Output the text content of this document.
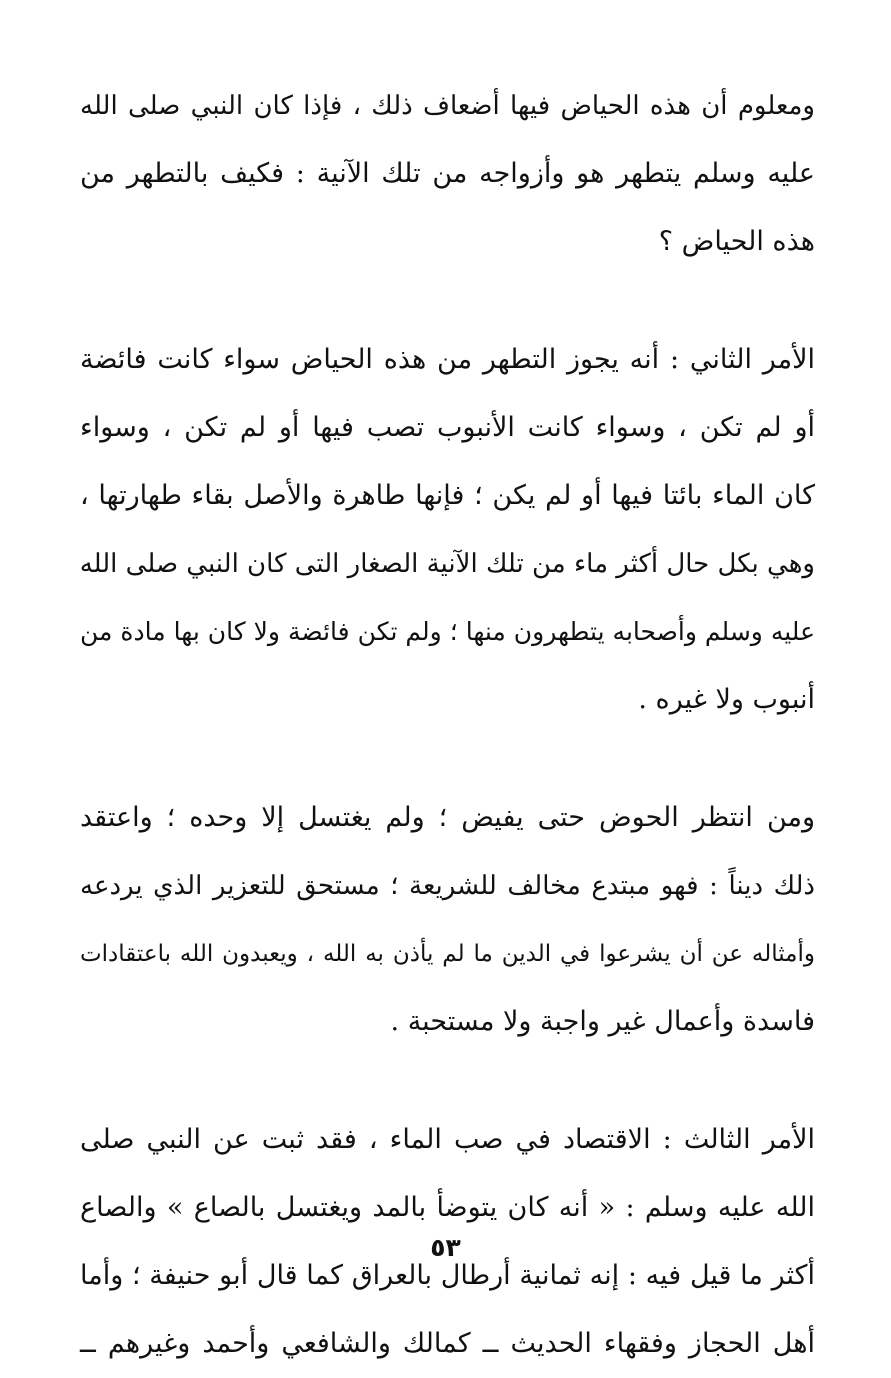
ومعلوم أن هذه الحياض فيها أضعاف ذلك ، فإذا كان النبي صلى الله
عليه وسلم يتطهر هو وأزواجه من تلك الآنية : فكيف بالتطهر من
هذه الحياض ؟
الأمر الثاني : أنه يجوز التطهر من هذه الحياض سواء كانت فائضة
أو لم تكن ، وسواء كانت الأنبوب تصب فيها أو لم تكن ، وسواء
كان الماء بائتا فيها أو لم يكن ؛ فإنها طاهرة والأصل بقاء طهارتها ،
وهي بكل حال أكثر ماء من تلك الآنية الصغار التى كان النبي صلى الله
عليه وسلم وأصحابه يتطهرون منها ؛ ولم تكن فائضة ولا كان بها مادة من
أنبوب ولا غيره .
ومن انتظر الحوض حتى يفيض ؛ ولم يغتسل إلا وحده ؛ واعتقد
ذلك ديناً : فهو مبتدع مخالف للشريعة ؛ مستحق للتعزير الذي يردعه
وأمثاله عن أن يشرعوا في الدين ما لم يأذن به الله ، ويعبدون الله باعتقادات
فاسدة وأعمال غير واجبة ولا مستحبة .
الأمر الثالث : الاقتصاد في صب الماء ، فقد ثبت عن النبي صلى
الله عليه وسلم : « أنه كان يتوضأ بالمد ويغتسل بالصاع » والصاع
أكثر ما قيل فيه : إنه ثمانية أرطال بالعراق كما قال أبو حنيفة ؛ وأما
أهل الحجاز وفقهاء الحديث ــ كمالك والشافعي وأحمد وغيرهم ــ
٥٣
